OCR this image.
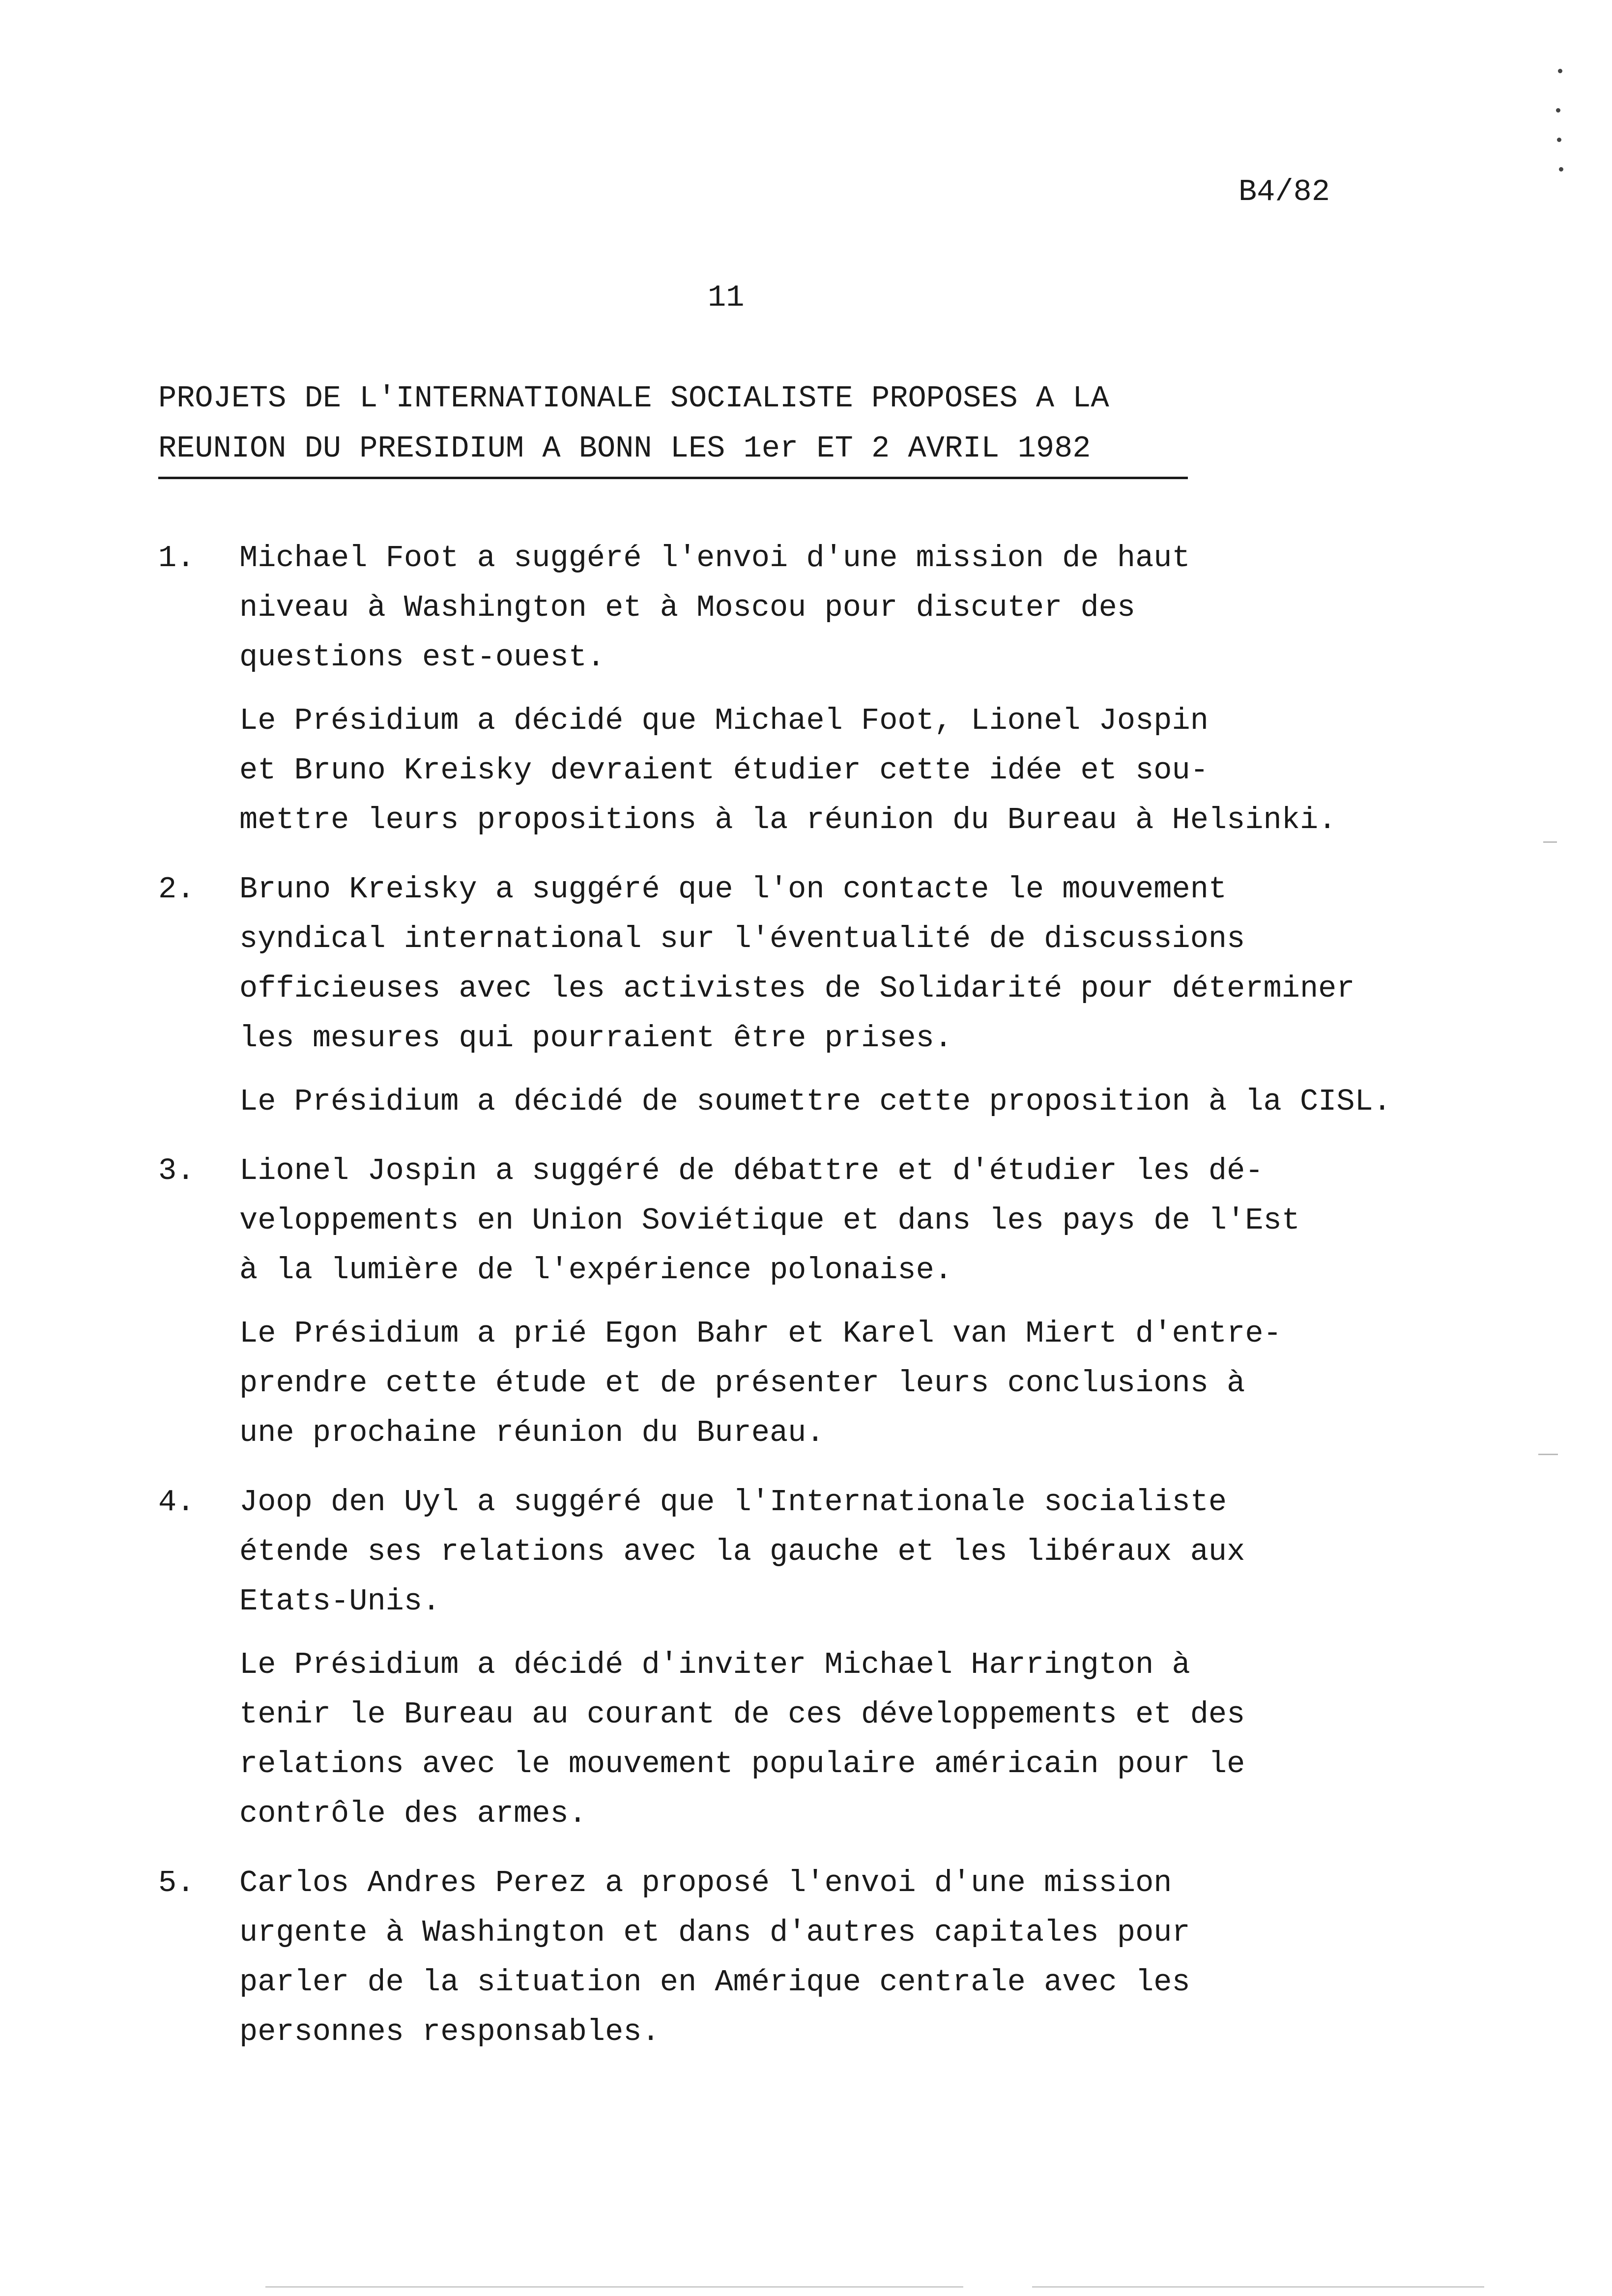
B4/82
11
PROJETS DE L'INTERNATIONALE SOCIALISTE PROPOSES A LA
REUNION DU PRESIDIUM A BONN LES 1er ET 2 AVRIL 1982
1. Michael Foot a suggéré l'envoi d'une mission de haut
niveau à Washington et à Moscou pour discuter des
questions est-ouest.
Le Présidium a décidé que Michael Foot, Lionel Jospin
et Bruno Kreisky devraient étudier cette idée et sou-
mettre leurs propositions à la réunion du Bureau à Helsinki.
2. Bruno Kreisky a suggéré que l'on contacte le mouvement
syndical international sur l'éventualité de discussions
officieuses avec les activistes de Solidarité pour déterminer
les mesures qui pourraient être prises.
Le Présidium a décidé de soumettre cette proposition à la CISL.
3. Lionel Jospin a suggéré de débattre et d'étudier les dé-
veloppements en Union Soviétique et dans les pays de l'Est
à la lumière de l'expérience polonaise.
Le Présidium a prié Egon Bahr et Karel van Miert d'entre-
prendre cette étude et de présenter leurs conclusions à
une prochaine réunion du Bureau.
4. Joop den Uyl a suggéré que l'Internationale socialiste
étende ses relations avec la gauche et les libéraux aux
Etats-Unis.
Le Présidium a décidé d'inviter Michael Harrington à
tenir le Bureau au courant de ces développements et des
relations avec le mouvement populaire américain pour le
contrôle des armes.
5. Carlos Andres Perez a proposé l'envoi d'une mission
urgente à Washington et dans d'autres capitales pour
parler de la situation en Amérique centrale avec les
personnes responsables.
